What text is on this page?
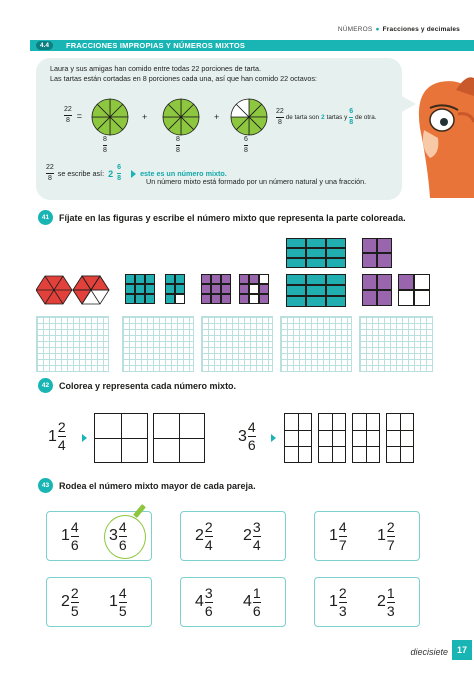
NÚMEROS ● Fracciones y decimales
4.4	FRACCIONES IMPROPIAS Y NÚMEROS MIXTOS
Laura y sus amigas han comido entre todas 22 porciones de tarta.
Las tartas están cortadas en 8 porciones cada una, así que han comido 22 octavos:
$\frac{22}{8}$ =
$\frac{8}{8}$	$\frac{8}{8}$	$\frac{6}{8}$
+	+	$\frac{22}{8}$ de tarta son 2 tartas y $\frac{6}{8}$ de otra.
$\frac{22}{8}$ se escribe así: $2 \frac{6}{8}$	este es un número mixto.
Un número mixto está formado por un número natural y una fracción.
41	Fíjate en las figuras y escribe el número mixto que representa la parte coloreada.
42	Colorea y representa cada número mixto.
1
2
4
3
4
6
43	Rodea el número mixto mayor de cada pareja.
1
4
6
3
4
6
2
2
4
2
3
4
1
4
7
1
2
7
2
2
5
1
4
5
4
3
6
4
1
6
1
2
3
2
1
3
diecisiete 17
